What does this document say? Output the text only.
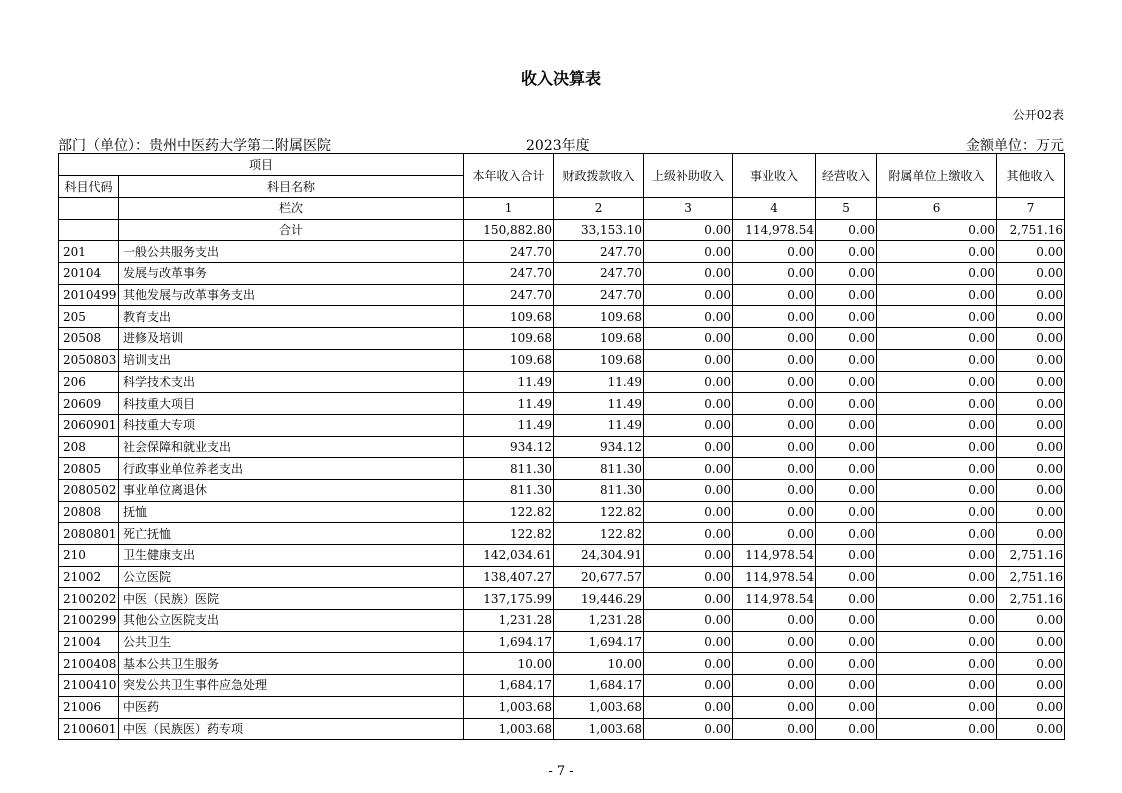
收入决算表
公开02表
部门（单位）：贵州中医药大学第二附属医院	2023年度	金额单位：万元
项目		本年收入合计	财政拨款收入	上级补助收入	事业收入	经营收入	附属单位上缴收入	其他收入
科目代码	科目名称							
	栏次	1	2	3	4	5	6	7
	合计	150,882.80	33,153.10	0.00	114,978.54	0.00	0.00	2,751.16
201	一般公共服务支出	247.70	247.70	0.00	0.00	0.00	0.00	0.00
20104	发展与改革事务	247.70	247.70	0.00	0.00	0.00	0.00	0.00
2010499	其他发展与改革事务支出	247.70	247.70	0.00	0.00	0.00	0.00	0.00
205	教育支出	109.68	109.68	0.00	0.00	0.00	0.00	0.00
20508	进修及培训	109.68	109.68	0.00	0.00	0.00	0.00	0.00
2050803	培训支出	109.68	109.68	0.00	0.00	0.00	0.00	0.00
206	科学技术支出	11.49	11.49	0.00	0.00	0.00	0.00	0.00
20609	科技重大项目	11.49	11.49	0.00	0.00	0.00	0.00	0.00
2060901	科技重大专项	11.49	11.49	0.00	0.00	0.00	0.00	0.00
208	社会保障和就业支出	934.12	934.12	0.00	0.00	0.00	0.00	0.00
20805	行政事业单位养老支出	811.30	811.30	0.00	0.00	0.00	0.00	0.00
2080502	事业单位离退休	811.30	811.30	0.00	0.00	0.00	0.00	0.00
20808	抚恤	122.82	122.82	0.00	0.00	0.00	0.00	0.00
2080801	死亡抚恤	122.82	122.82	0.00	0.00	0.00	0.00	0.00
210	卫生健康支出	142,034.61	24,304.91	0.00	114,978.54	0.00	0.00	2,751.16
21002	公立医院	138,407.27	20,677.57	0.00	114,978.54	0.00	0.00	2,751.16
2100202	中医（民族）医院	137,175.99	19,446.29	0.00	114,978.54	0.00	0.00	2,751.16
2100299	其他公立医院支出	1,231.28	1,231.28	0.00	0.00	0.00	0.00	0.00
21004	公共卫生	1,694.17	1,694.17	0.00	0.00	0.00	0.00	0.00
2100408	基本公共卫生服务	10.00	10.00	0.00	0.00	0.00	0.00	0.00
2100410	突发公共卫生事件应急处理	1,684.17	1,684.17	0.00	0.00	0.00	0.00	0.00
21006	中医药	1,003.68	1,003.68	0.00	0.00	0.00	0.00	0.00
2100601	中医（民族医）药专项	1,003.68	1,003.68	0.00	0.00	0.00	0.00	0.00
- 7 -
